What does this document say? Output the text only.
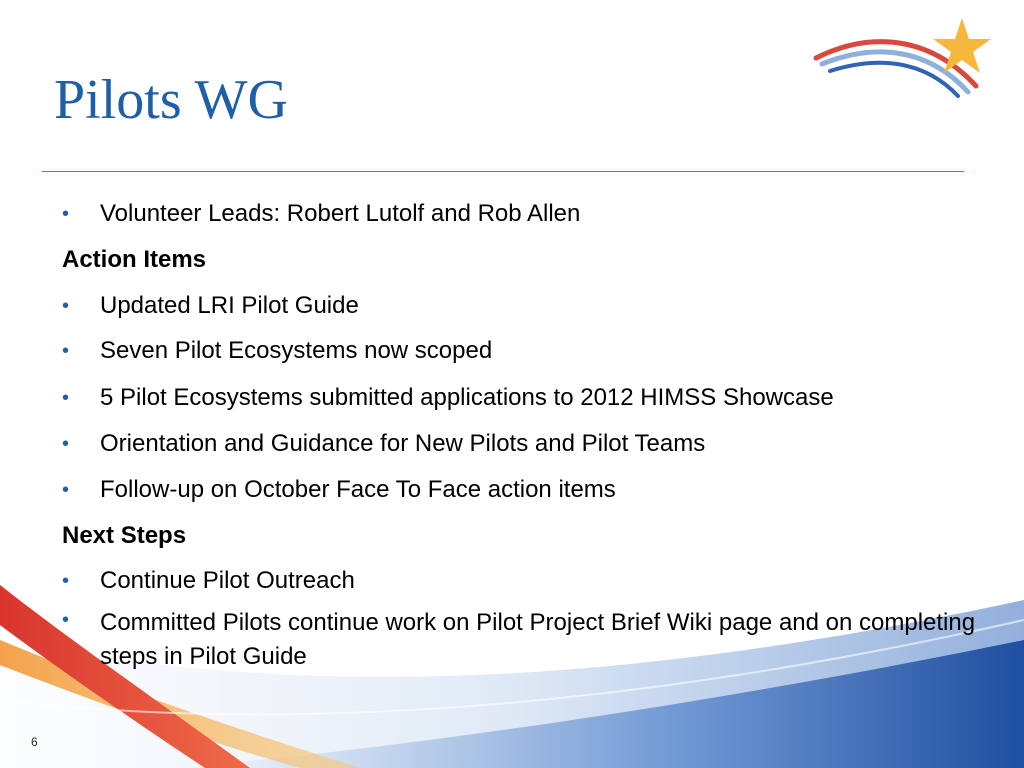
Pilots WG
•	Volunteer Leads: Robert Lutolf and Rob Allen
Action Items
•	Updated LRI Pilot Guide
•	Seven Pilot Ecosystems now scoped
•	5 Pilot Ecosystems submitted applications to 2012 HIMSS Showcase
•	Orientation and Guidance for New Pilots and Pilot Teams
•	Follow-up on October Face To Face action items
Next Steps
•	Continue Pilot Outreach
•	Committed Pilots continue work on Pilot Project Brief Wiki page and on completing steps in Pilot Guide
6
